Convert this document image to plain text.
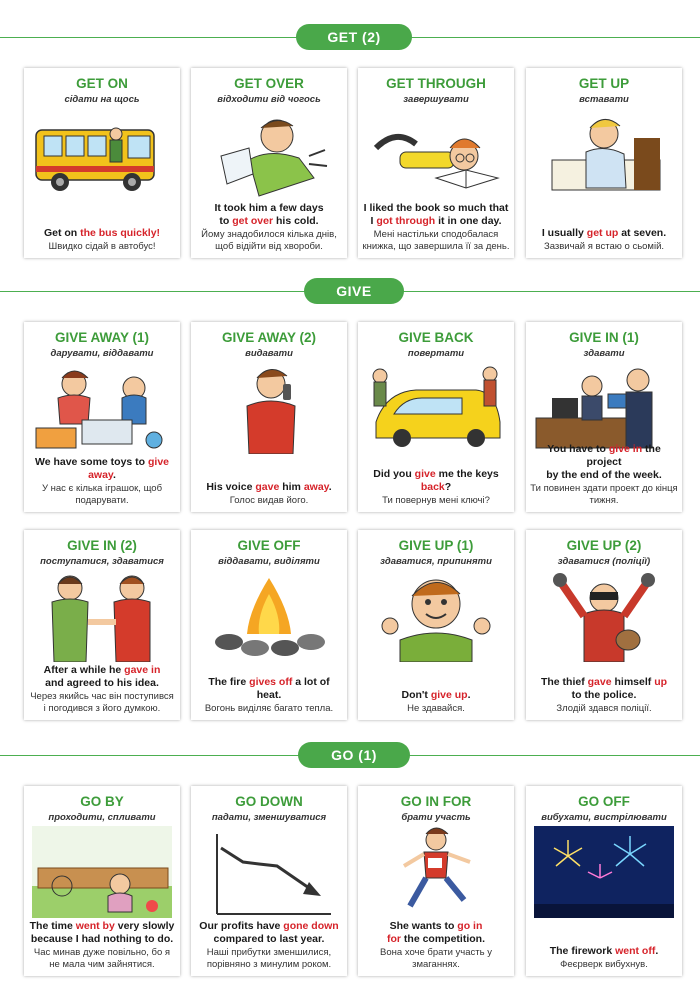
GET (2)
GIVE
GO (1)
GET ON
сідати на щось
Get on the bus quickly!
Швидко сідай в автобус!
GET OVER
відходити від чогось
It took him a few days
to get over his cold.
Йому знадобилося кілька днів, щоб відійти від хвороби.
GET THROUGH
завершувати
I liked the book so much that
I got through it in one day.
Мені настільки сподобалася книжка, що завершила її за день.
GET UP
вставати
I usually get up at seven.
Зазвичай я встаю о сьомій.
GIVE AWAY (1)
дарувати, віддавати
We have some toys to give away.
У нас є кілька іграшок, щоб подарувати.
GIVE AWAY (2)
видавати
His voice gave him away.
Голос видав його.
GIVE BACK
повертати
Did you give me the keys back?
Ти повернув мені ключі?
GIVE IN (1)
здавати
You have to give in the project
by the end of the week.
Ти повинен здати проект до кінця тижня.
GIVE IN (2)
поступатися, здаватися
After a while he gave in
and agreed to his idea.
Через якийсь час він поступився і погодився з його думкою.
GIVE OFF
віддавати, виділяти
The fire gives off a lot of heat.
Вогонь виділяє багато тепла.
GIVE UP (1)
здаватися, припиняти
Don't give up.
Не здавайся.
GIVE UP (2)
здаватися (поліції)
The thief gave himself up
to the police.
Злодій здався поліції.
GO BY
проходити, спливати
The time went by very slowly
because I had nothing to do.
Час минав дуже повільно, бо я не мала чим зайнятися.
GO DOWN
падати, зменшуватися
Our profits have gone down
compared to last year.
Наші прибутки зменшилися, порівняно з минулим роком.
GO IN FOR
брати участь
She wants to go in
for the competition.
Вона хоче брати участь у змаганнях.
GO OFF
вибухати, вистрілювати
The firework went off.
Феєрверк вибухнув.
